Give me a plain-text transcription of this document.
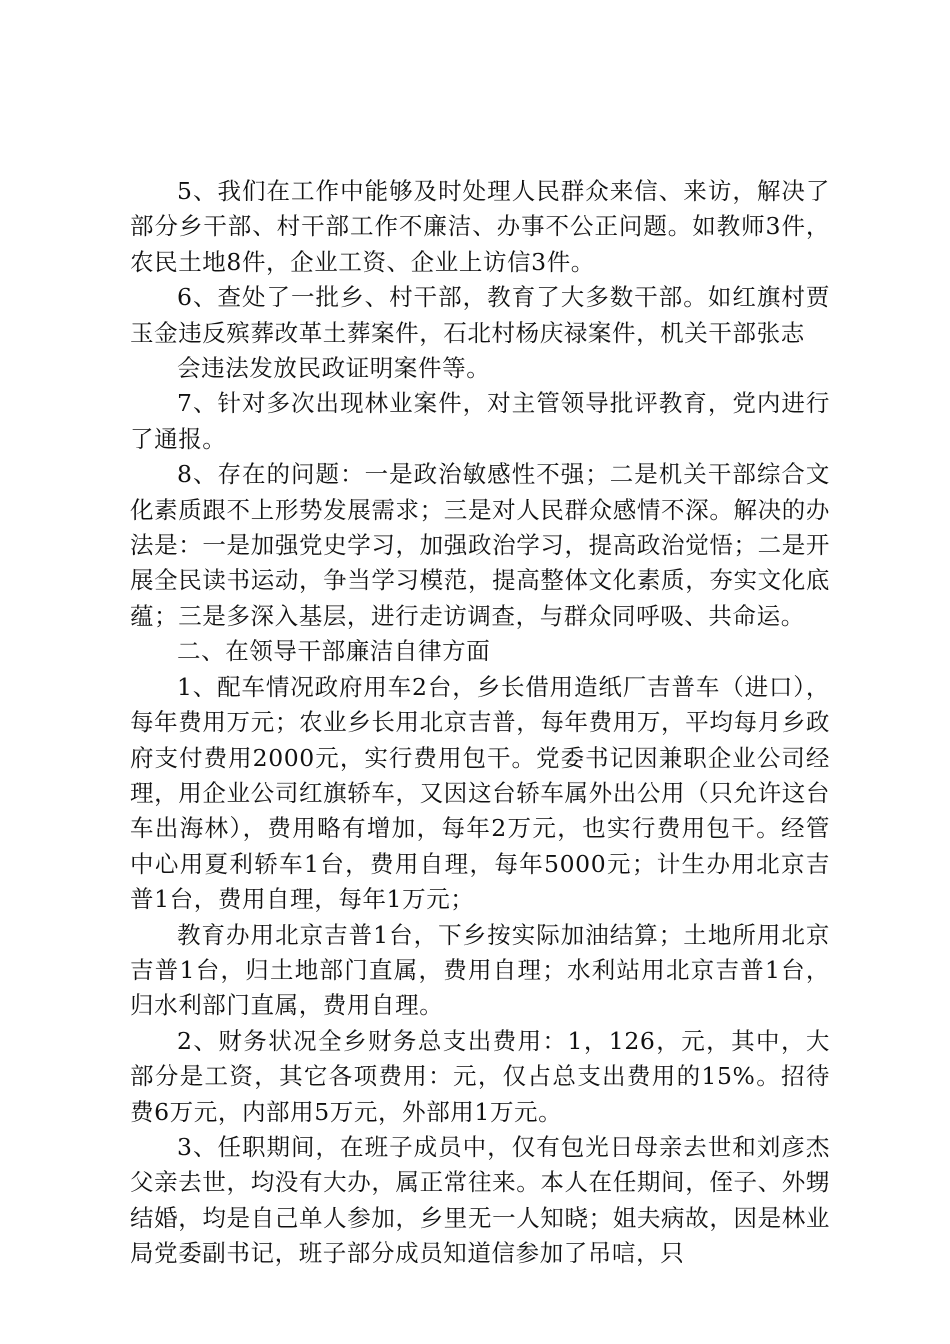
5、我们在工作中能够及时处理人民群众来信、来访，解决了部分乡干部、村干部工作不廉洁、办事不公正问题。如教师3件，农民土地8件，企业工资、企业上访信3件。

6、查处了一批乡、村干部，教育了大多数干部。如红旗村贾玉金违反殡葬改革土葬案件，石北村杨庆禄案件，机关干部张志

会违法发放民政证明案件等。

7、针对多次出现林业案件，对主管领导批评教育，党内进行了通报。

8、存在的问题：一是政治敏感性不强；二是机关干部综合文化素质跟不上形势发展需求；三是对人民群众感情不深。解决的办法是：一是加强党史学习，加强政治学习，提高政治觉悟；二是开展全民读书运动，争当学习模范，提高整体文化素质，夯实文化底蕴；三是多深入基层，进行走访调查，与群众同呼吸、共命运。

二、在领导干部廉洁自律方面

1、配车情况政府用车2台，乡长借用造纸厂吉普车（进口），每年费用万元；农业乡长用北京吉普，每年费用万，平均每月乡政府支付费用2000元，实行费用包干。党委书记因兼职企业公司经理，用企业公司红旗轿车，又因这台轿车属外出公用（只允许这台车出海林），费用略有增加，每年2万元，也实行费用包干。经管中心用夏利轿车1台，费用自理，每年5000元；计生办用北京吉普1台，费用自理，每年1万元；

教育办用北京吉普1台，下乡按实际加油结算；土地所用北京吉普1台，归土地部门直属，费用自理；水利站用北京吉普1台，归水利部门直属，费用自理。

2、财务状况全乡财务总支出费用：1，126，元，其中，大部分是工资，其它各项费用：元，仅占总支出费用的15%。招待费6万元，内部用5万元，外部用1万元。

3、任职期间，在班子成员中，仅有包光日母亲去世和刘彦杰父亲去世，均没有大办，属正常往来。本人在任期间，侄子、外甥结婚，均是自己单人参加，乡里无一人知晓；姐夫病故，因是林业局党委副书记，班子部分成员知道信参加了吊唁，只
